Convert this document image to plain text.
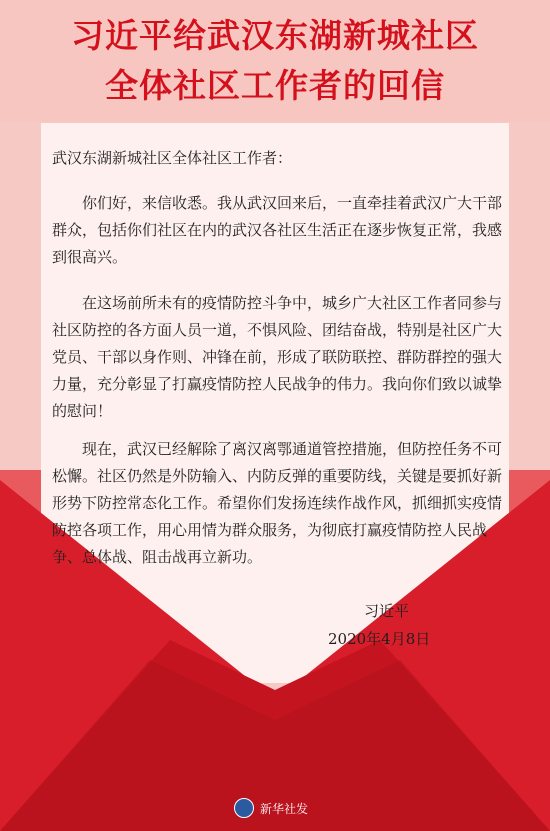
习近平给武汉东湖新城社区
全体社区工作者的回信

武汉东湖新城社区全体社区工作者：

你们好，来信收悉。我从武汉回来后，一直牵挂着武汉广大干部群众，包括你们社区在内的武汉各社区生活正在逐步恢复正常，我感到很高兴。

在这场前所未有的疫情防控斗争中，城乡广大社区工作者同参与社区防控的各方面人员一道，不惧风险、团结奋战，特别是社区广大党员、干部以身作则、冲锋在前，形成了联防联控、群防群控的强大力量，充分彰显了打赢疫情防控人民战争的伟力。我向你们致以诚挚的慰问！

现在，武汉已经解除了离汉离鄂通道管控措施，但防控任务不可松懈。社区仍然是外防输入、内防反弹的重要防线，关键是要抓好新形势下防控常态化工作。希望你们发扬连续作战作风，抓细抓实疫情防控各项工作，用心用情为群众服务，为彻底打赢疫情防控人民战争、总体战、阻击战再立新功。

习近平
2020年4月8日
新华社发
